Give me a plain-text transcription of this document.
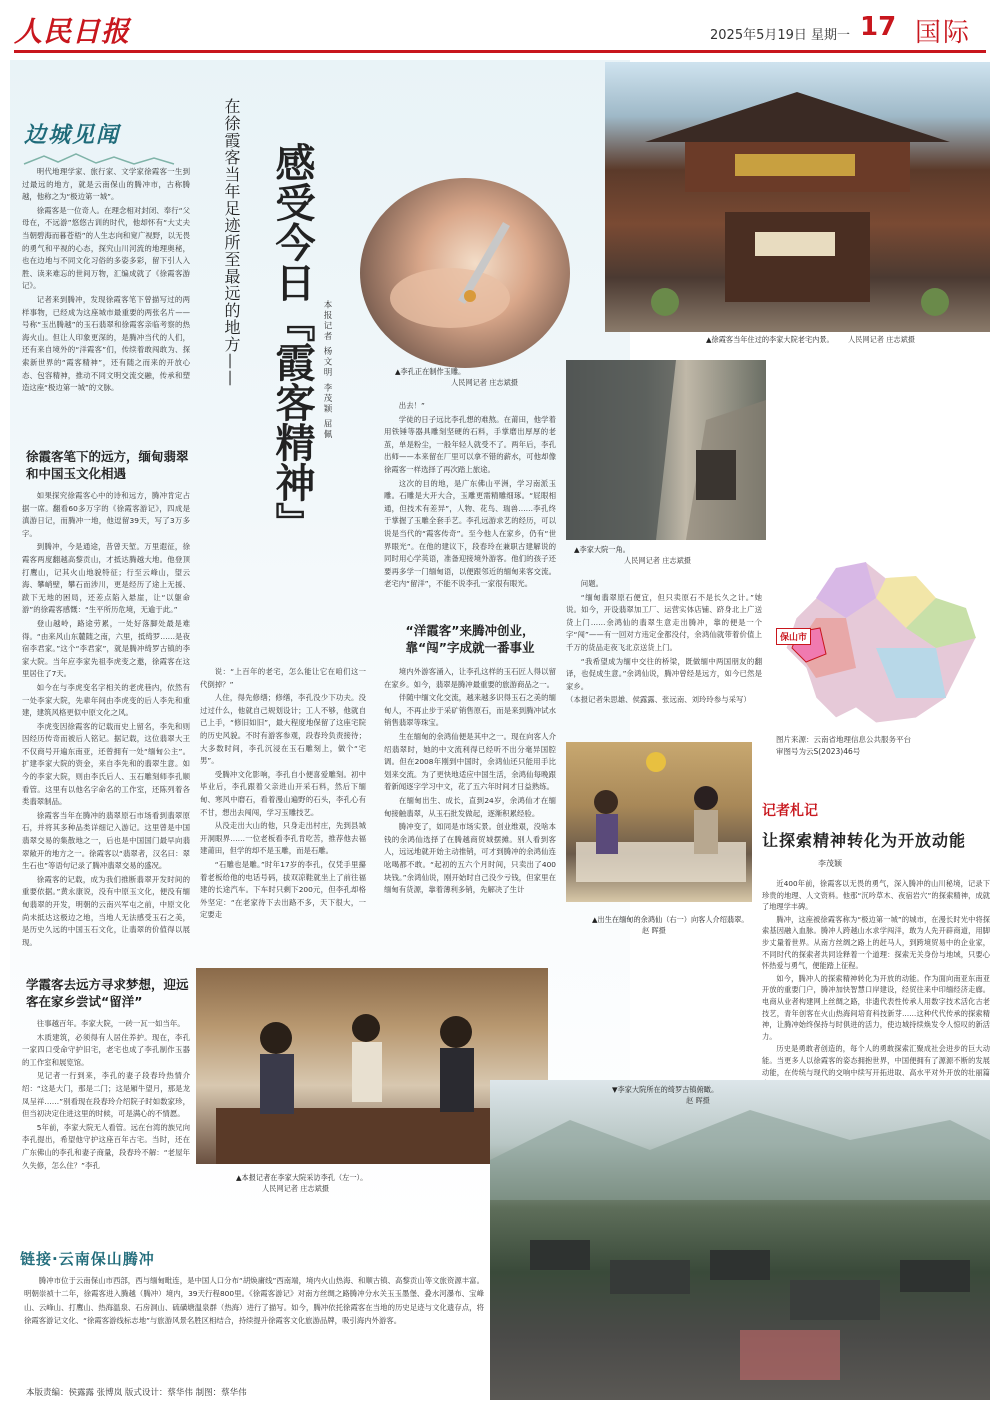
人民日报	2025年5月19日 星期一 17 国际
边城见闻	在徐霞客当年足迹所至最远的地方—— 感受今日『霞客精神』 本报记者 杨文明 李茂颖 屈佩

明代地理学家、旅行家、文学家徐霞客一生到过最远的地方，就是云南保山的腾冲市，古称腾越，他称之为“极边第一城”。

徐霞客是一位奇人。在理念相对封闭、奉行“父母在，不远游”悠悠古训的时代，他却怀有“大丈夫当朝碧海而暮苍梧”的人生志向和宽广视野，以无畏的勇气和平视的心态，探究山川河流的地理奥秘，也在边地与不同文化习俗的多姿多彩，留下引人入胜、读来难忘的世间万物，汇编成就了《徐霞客游记》。

记者来到腾冲，发现徐霞客笔下曾描写过的两样事物，已经成为这座城市最重要的两张名片——号称“玉出腾越”的玉石翡翠和徐霞客亲临考察的热海火山。但让人印象更深的，是腾冲当代的人们，还有来自境外的“洋霞客”们，传续着敢闯敢为、探索新世界的“霞客精神”，还有随之而来的开放心态、包容精神，推动不同文明交流交融，传承和塑造这座“极边第一城”的文脉。

徐霞客笔下的远方，缅甸翡翠和中国玉文化相遇

如果探究徐霞客心中的诗和远方，腾冲肯定占据一席。翻看60多万字的《徐霞客游记》，四成是滇游日记，而腾冲一地，他逗留39天，写了3万多字。

到腾冲，今是通途，昔曾天堑。万里遐征，徐霞客两度翻越高黎贡山，才抵达腾越大地。他登顶打鹰山，记其火山地貌特征；行至云峰山，望云海、攀峭壁，攀石而涉川，更是经历了途上无援、跋下无地的困局，还差点陷入悬崖，让“以躯命游”的徐霞客感慨：“生平所历危境，无逾于此。”

登山越岭，路途劳累，一处好落脚处最是难得。“由来风山东麓随之南，六里，抵绮罗……是夜宿李君家。”这个“李君家”，就是腾冲绮罗古镇的李家大院。当年应李家先祖李虎变之邀，徐霞客在这里居住了7天。

如今在与李虎变名字相关的老虎巷内，依然有一处李家大院，先辈年间由李虎变的后人李先和重建，建筑风格更似中原文化之风。

李虎变因徐霞客的记载而史上留名，李先和则因经历传奇而被后人铭记。据记载，这位翡翠大王不仅商号开遍东南亚，还曾拥有一处“缅甸公主”。扩建李家大院的资金，来自李先和的翡翠生意。如今的李家大院，则由李氏后人、玉石雕刻师李孔顺看管。这里有以他名字命名的工作室，还陈列着各类翡翠制品。

徐霞客当年在腾冲的翡翠原石市场看到翡翠原石，并将其多种品类详细记入游记。这里曾是中国翡翠交易的集散地之一，后也是中国国门最早向翡翠敞开的地方之一。徐霞客以“翡翠者，汉名曰：翠生石也”等语句记录了腾冲翡翠交易的盛况。

徐霞客的记载，成为我们推断翡翠开发时间的重要依据。”黄永康说，没有中原玉文化，便没有缅甸翡翠的开发，明朝的云南兴军屯之前，中原文化尚未抵达这极边之地，当地人无法感受玉石之美，是历史久远的中国玉石文化，让翡翠的价值得以展现。

学霞客去远方寻求梦想，迎远客在家乡尝试“留洋”

往事越百年。李家大院，一砖一瓦一如当年。

木质建筑，必须得有人居住养护。现在，李孔一家四口受命守护旧宅，老宅也成了李孔制作玉器的工作室和展览馆。

见记者一行到来，李孔的妻子段春玲热情介绍：“这是大门，那是二门；这是厢牛望月，那是龙凤呈祥……”别看现在段春玲介绍院子时如数家珍，但当初决定住进这里的时候，可是满心的不情愿。

5年前，李家大院无人看管。远在台湾的族兄向李孔提出，希望他守护这座百年古宅。当时，还在广东佛山的李孔和妻子商量，段春玲不解：“老屋年久失修，怎么住？”李孔

说：“上百年的老宅，怎么能让它在咱们这一代倒掉？”

人住，得先修缮；修缮，李孔没少下功夫。没过过什么，他就自己规划设计；工人不够，他就自己上手，“修旧如旧”，最大程度地保留了这座宅院的历史风貌。不时有游客参观，段春玲负责接待；大多数时间，李孔沉浸在玉石雕刻上，做个“宅男”。

受腾冲文化影响，李孔自小便喜爱雕刻。初中毕业后，李孔跟着父亲进山开采石料，然后下缅甸、寒风中磨石，看着漫山遍野的石头，李孔心有不甘，想出去闯闯，学习玉雕技艺。

从没走出大山的他，只身走出村庄，先到县城开洞眼界……一位老板看李孔肯吃苦，推荐他去福建莆田，但学的却不是玉雕，而是石雕。

“石雕也是雕。”时年17岁的李孔，仅凭手里攥着老板给他的电话号码，拔双凉鞋就坐上了前往福建的长途汽车。下车时只剩下200元，但李孔却格外坚定：“在老家待下去出路不多，天下很大，一定要走

▲李孔正在制作玉雕。
人民网记者 庄志斌摄

出去！”

学徒的日子远比李孔想的难熬。在莆田，他学着用铁锤等器具雕刻坚硬的石料，手掌磨出厚厚的老茧，单是粉尘，一般年轻人就受不了。两年后，李孔出师——本来留在厂里可以拿不错的薪水，可他却像徐霞客一样选择了再次踏上旅途。

这次的目的地，是广东佛山平洲，学习南派玉雕。石雕是大开大合，玉雕更需精雕细琢。“屁眼相通，但技术有差异”，人物、花鸟、瑞兽……李孔终于掌握了玉雕全套手艺。李孔远游求艺的经历，可以说是当代的“霞客传奇”。至今他人在家乡，仍有“世界眼光”。在他的建议下，段春玲在兼职古建解说的同时用心学英语，准备迎接境外游客。他们的孩子还要再多学一门缅甸语，以便跟邻近的缅甸来客交流。老宅内“留洋”，不能不说李孔一家很有眼光。

“洋霞客”来腾冲创业，靠“闯”字成就一番事业

境内外游客涌入，让李孔这样的玉石匠人得以留在家乡。如今，翡翠是腾冲最重要的旅游商品之一。

伴随中缅文化交流，越来越多识得玉石之美的缅甸人，不再止步于采矿销售原石，而是来到腾冲试水销售翡翠等珠宝。

生在缅甸的余鸿仙便是其中之一。现在向客人介绍翡翠时，她的中文流利得已经听不出分毫异国腔调。但在2008年刚到中国时，余鸿仙还只能用手比划来交流。为了更快地适应中国生活，余鸿仙每晚跟着新闻逐字学习中文，花了五六年时间才日益熟练。

在缅甸出生、成长，直到24岁，余鸿仙才在缅甸接触翡翠，从玉石批发做起，逐渐积累经验。

腾冲变了，如同是市场实景。创业维艰，没啥本钱的余鸿仙选择了在腾越商贸城摆摊。别人看到客人，远远地就开始主动推销，可才到腾冲的余鸿仙连吆喝都不敢。“起初的五六个月时间，只卖出了400块钱。”余鸿仙说，刚开始时自己没少亏钱，但家里在缅甸有货源，靠着薄利多销，先解决了生计

▲徐霞客当年住过的李家大院老宅内景。 人民网记者 庄志斌摄
▲李家大院一角。
人民网记者 庄志斌摄

问题。

“缅甸翡翠原石便宜，但只卖原石不是长久之计。”她说。如今，开设翡翠加工厂、运营实体店铺、跻身北上广送货上门……余鸿仙的翡翠生意走出腾冲，靠的便是一个字“闯”——有一回对方违定金都没付，余鸿仙就带着价值上千万的货品走夜飞北京送货上门。

“我希望成为缅中交往的桥梁，既做缅中两国朋友的翻译，也促成生意。”余鸿仙说，腾冲曾经是远方，如今已然是家乡。

（本报记者朱思雄、侯露露、张远南、刘玲玲参与采写）

保山市
图片来源：云南省地理信息公共服务平台
审图号为云S(2023)46号
▲出生在缅甸的余鸿仙（右一）向客人介绍翡翠。
赵 晖摄
记者札记
让探索精神转化为开放动能
李茂颖

近400年前，徐霞客以无畏的勇气，深入腾冲的山川秘境，记录下珍贵的地理、人文资料。他那“沉吟草木、夜宿岩穴”的探索精神，成就了地理学丰碑。

腾冲，这座被徐霞客称为“极边第一城”的城市，在漫长时光中将探索基因融入血脉。腾冲人跨越山水求学闯洋，敢为人先开辟商道，用脚步丈量着世界。从南方丝绸之路上的赶马人，到跨境贸易中的企业家，不同时代的探索者共同诠释着一个道理：探索无关身份与地域，只要心怀热爱与勇气，便能踏上征程。

如今，腾冲人的探索精神转化为开放的动能。作为面向南亚东南亚开放的重要门户，腾冲加快智慧口岸建设，经贸往来中印缅经济走廊。电商从业者构建网上丝绸之路，非遗代表性传承人用数字技术活化古老技艺，青年创客在火山热海间培育科技新芽……这种代代传承的探索精神，让腾冲始终保持与时俱进的活力，使边城持续焕发令人惊叹的新活力。

历史是勇敢者创造的，每个人的勇敢探索汇聚成社会进步的巨大动能。当更多人以徐霞客的姿态拥抱世界，中国便拥有了源源不断的发展动能，在传统与现代的交响中续写开拓进取、高水平对外开放的壮丽篇

▲本报记者在李家大院采访李孔（左一）。
人民网记者 庄志斌摄
▼李家大院所在的绮罗古镇俯瞰。
赵 晖摄
链接·云南保山腾冲

腾冲市位于云南保山市西部，西与缅甸毗连，是中国人口分布“胡焕庸线”西南端，境内火山热海、和顺古镇、高黎贡山等文旅资源丰富。明朝崇祯十二年，徐霞客进入腾越（腾冲）境内，39天行程800里。《徐霞客游记》对南方丝绸之路腾冲分水关玉玉墨堡、叠水河瀑布、宝峰山、云峰山、打鹰山、热海温泉、石房洞山、硫磺塘温泉群（热海）进行了描写。如今，腾冲依托徐霞客在当地的历史足迹与文化遗存点，将徐霞客游记文化、“徐霞客游线标志地”与旅游风景名胜区相结合，持续提升徐霞客文化旅游品牌，吸引海内外游客。

本版责编：侯露露 张博岚 版式设计：蔡华伟 制图：蔡华伟
